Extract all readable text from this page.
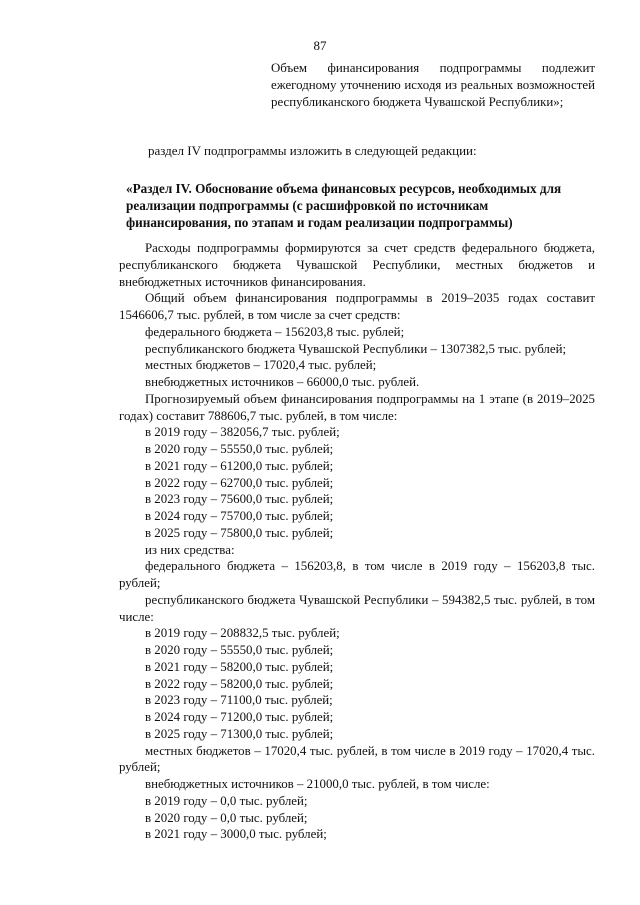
87
Объем финансирования подпрограммы подлежит ежегодному уточнению исходя из реальных возможностей республиканского бюджета Чувашской Республики»;
раздел IV подпрограммы изложить в следующей редакции:
«Раздел IV. Обоснование объема финансовых ресурсов, необходимых для реализации подпрограммы (с расшифровкой по источникам финансирования, по этапам и годам реализации подпрограммы)

Расходы подпрограммы формируются за счет средств федерального бюджета, республиканского бюджета Чувашской Республики, местных бюджетов и внебюджетных источников финансирования.

Общий объем финансирования подпрограммы в 2019–2035 годах составит 1546606,7 тыс. рублей, в том числе за счет средств:

федерального бюджета – 156203,8 тыс. рублей;

республиканского бюджета Чувашской Республики – 1307382,5 тыс. рублей;

местных бюджетов – 17020,4 тыс. рублей;

внебюджетных источников – 66000,0 тыс. рублей.

Прогнозируемый объем финансирования подпрограммы на 1 этапе (в 2019–2025 годах) составит 788606,7 тыс. рублей, в том числе:

в 2019 году – 382056,7 тыс. рублей;

в 2020 году – 55550,0 тыс. рублей;

в 2021 году – 61200,0 тыс. рублей;

в 2022 году – 62700,0 тыс. рублей;

в 2023 году – 75600,0 тыс. рублей;

в 2024 году – 75700,0 тыс. рублей;

в 2025 году – 75800,0 тыс. рублей;

из них средства:

федерального бюджета – 156203,8, в том числе в 2019 году – 156203,8 тыс. рублей;

республиканского бюджета Чувашской Республики – 594382,5 тыс. рублей, в том числе:

в 2019 году – 208832,5 тыс. рублей;

в 2020 году – 55550,0 тыс. рублей;

в 2021 году – 58200,0 тыс. рублей;

в 2022 году – 58200,0 тыс. рублей;

в 2023 году – 71100,0 тыс. рублей;

в 2024 году – 71200,0 тыс. рублей;

в 2025 году – 71300,0 тыс. рублей;

местных бюджетов – 17020,4 тыс. рублей, в том числе в 2019 году – 17020,4 тыс. рублей;

внебюджетных источников – 21000,0 тыс. рублей, в том числе:

в 2019 году – 0,0 тыс. рублей;

в 2020 году – 0,0 тыс. рублей;

в 2021 году – 3000,0 тыс. рублей;
